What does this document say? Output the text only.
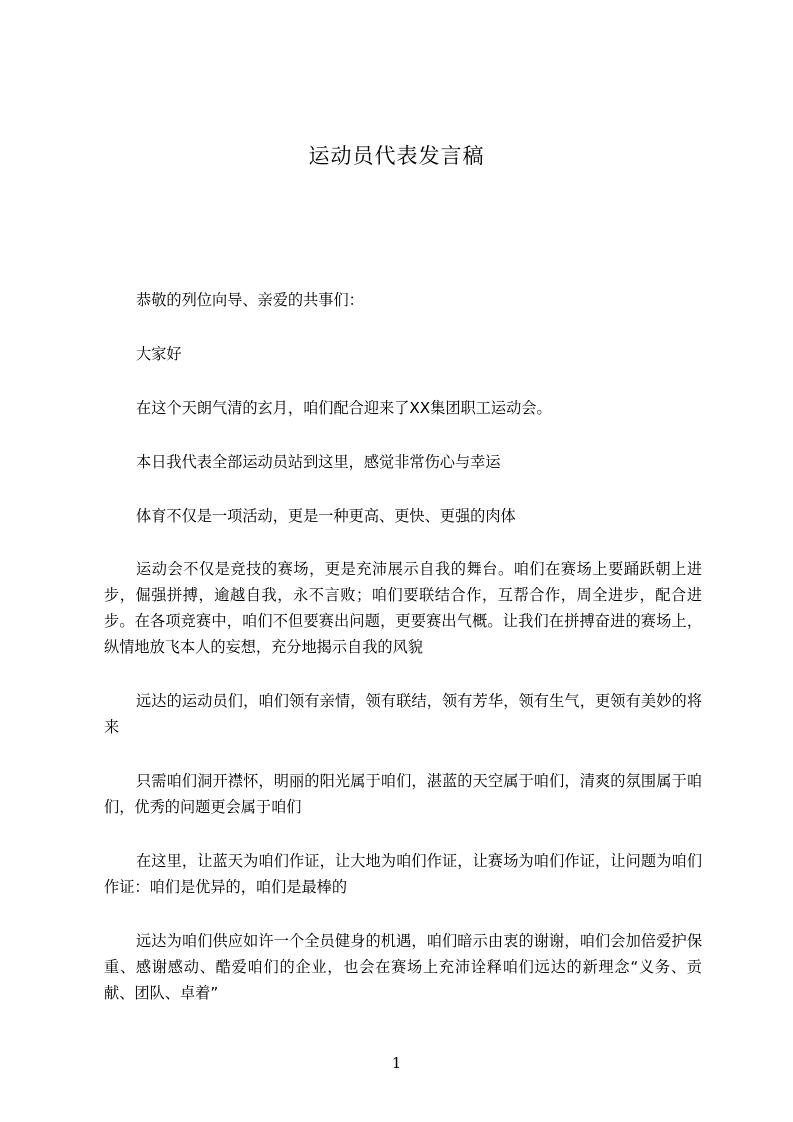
运动员代表发言稿

恭敬的列位向导、亲爱的共事们：

大家好

在这个天朗气清的玄月，咱们配合迎来了XX集团职工运动会。

本日我代表全部运动员站到这里，感觉非常伤心与幸运

体育不仅是一项活动，更是一种更高、更快、更强的肉体

运动会不仅是竞技的赛场，更是充沛展示自我的舞台。咱们在赛场上要踊跃朝上进步，倔强拼搏，逾越自我，永不言败；咱们要联结合作，互帮合作，周全进步，配合进步。在各项竞赛中，咱们不但要赛出问题，更要赛出气概。让我们在拼搏奋进的赛场上，纵情地放飞本人的妄想，充分地揭示自我的风貌

远达的运动员们，咱们领有亲情，领有联结，领有芳华，领有生气，更领有美妙的将来

只需咱们洞开襟怀，明丽的阳光属于咱们，湛蓝的天空属于咱们，清爽的氛围属于咱们，优秀的问题更会属于咱们

在这里，让蓝天为咱们作证，让大地为咱们作证，让赛场为咱们作证，让问题为咱们作证：咱们是优异的，咱们是最棒的

远达为咱们供应如许一个全员健身的机遇，咱们暗示由衷的谢谢，咱们会加倍爱护保重、感谢感动、酷爱咱们的企业，也会在赛场上充沛诠释咱们远达的新理念“义务、贡献、团队、卓着”

1
